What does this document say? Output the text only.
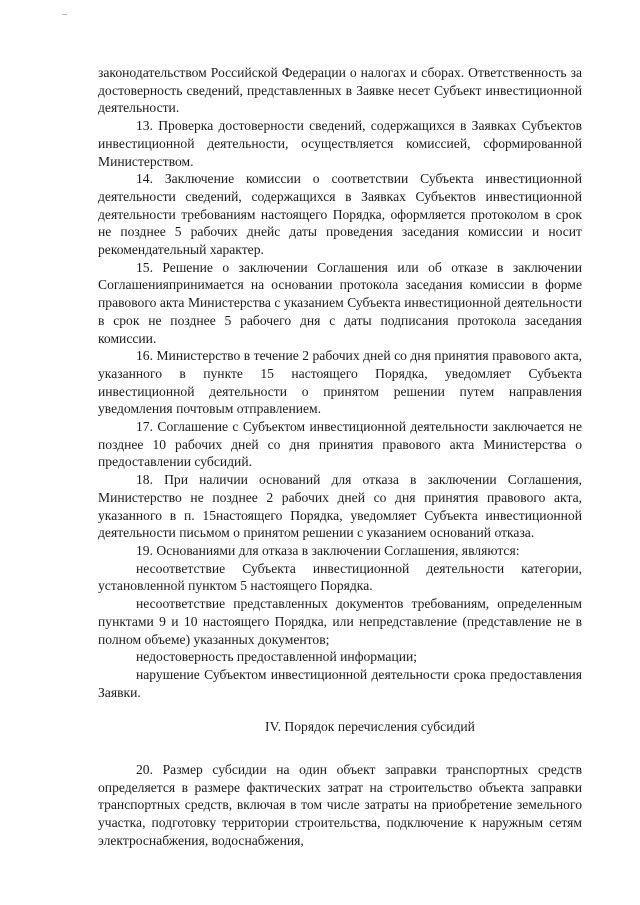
законодательством Российской Федерации о налогах и сборах. Ответственность за достоверность сведений, представленных в Заявке несет Субъект инвестиционной деятельности.

13. Проверка достоверности сведений, содержащихся в Заявках Субъектов инвестиционной деятельности, осуществляется комиссией, сформированной Министерством.

14. Заключение комиссии о соответствии Субъекта инвестиционной деятельности сведений, содержащихся в Заявках Субъектов инвестиционной деятельности требованиям настоящего Порядка, оформляется протоколом в срок не позднее 5 рабочих днейс даты проведения заседания комиссии и носит рекомендательный характер.

15. Решение о заключении Соглашения или об отказе в заключении Соглашенияпринимается на основании протокола заседания комиссии в форме правового акта Министерства с указанием Субъекта инвестиционной деятельности в срок не позднее 5 рабочего дня с даты подписания протокола заседания комиссии.

16. Министерство в течение 2 рабочих дней со дня принятия правового акта, указанного в пункте 15 настоящего Порядка, уведомляет Субъекта инвестиционной деятельности о принятом решении путем направления уведомления почтовым отправлением.

17. Соглашение с Субъектом инвестиционной деятельности заключается не позднее 10 рабочих дней со дня принятия правового акта Министерства о предоставлении субсидий.

18. При наличии оснований для отказа в заключении Соглашения, Министерство не позднее 2 рабочих дней со дня принятия правового акта, указанного в п. 15настоящего Порядка, уведомляет Субъекта инвестиционной деятельности письмом о принятом решении с указанием оснований отказа.

19. Основаниями для отказа в заключении Соглашения, являются:

несоответствие Субъекта инвестиционной деятельности категории, установленной пунктом 5 настоящего Порядка.

несоответствие представленных документов требованиям, определенным пунктами 9 и 10 настоящего Порядка, или непредставление (представление не в полном объеме) указанных документов;

недостоверность предоставленной информации;

нарушение Субъектом инвестиционной деятельности срока предоставления Заявки.

IV. Порядок перечисления субсидий

20. Размер субсидии на один объект заправки транспортных средств определяется в размере фактических затрат на строительство объекта заправки транспортных средств, включая в том числе затраты на приобретение земельного участка, подготовку территории строительства, подключение к наружным сетям электроснабжения, водоснабжения,
